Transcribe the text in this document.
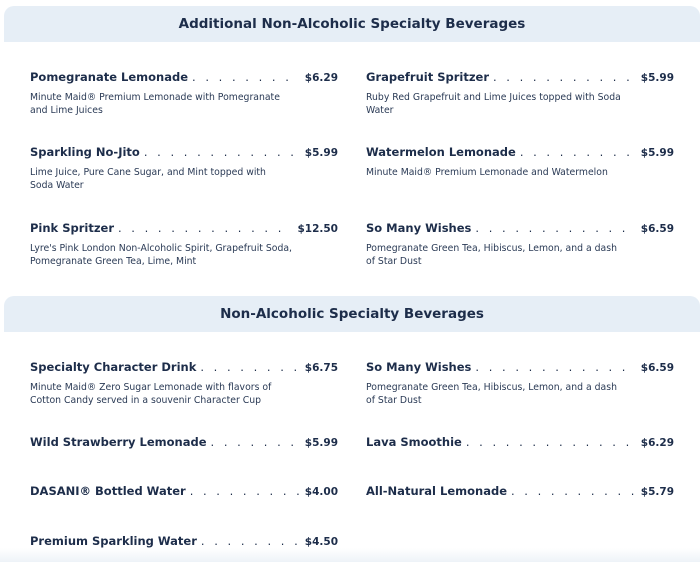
Additional Non-Alcoholic Specialty Beverages
Pomegranate Lemonade . . .	$6.29
Minute Maid® Premium Lemonade with Pomegranate and Lime Juices
Grapefruit Spritzer . . .	$5.99
Ruby Red Grapefruit and Lime Juices topped with Soda Water
Sparkling No-Jito . . .	$5.99
Lime Juice, Pure Cane Sugar, and Mint topped with Soda Water
Watermelon Lemonade . . .	$5.99
Minute Maid® Premium Lemonade and Watermelon
Pink Spritzer . . .	$12.50
Lyre's Pink London Non-Alcoholic Spirit, Grapefruit Soda, Pomegranate Green Tea, Lime, Mint
So Many Wishes . . .	$6.59
Pomegranate Green Tea, Hibiscus, Lemon, and a dash of Star Dust
Non-Alcoholic Specialty Beverages
Specialty Character Drink . . .	$6.75
Minute Maid® Zero Sugar Lemonade with flavors of Cotton Candy served in a souvenir Character Cup
So Many Wishes . . .	$6.59
Pomegranate Green Tea, Hibiscus, Lemon, and a dash of Star Dust
Wild Strawberry Lemonade . . .	$5.99 Lava Smoothie . . .	$6.29
DASANI® Bottled Water . . .	$4.00 All-Natural Lemonade . . .	$5.79
Premium Sparkling Water . . .	$4.50
